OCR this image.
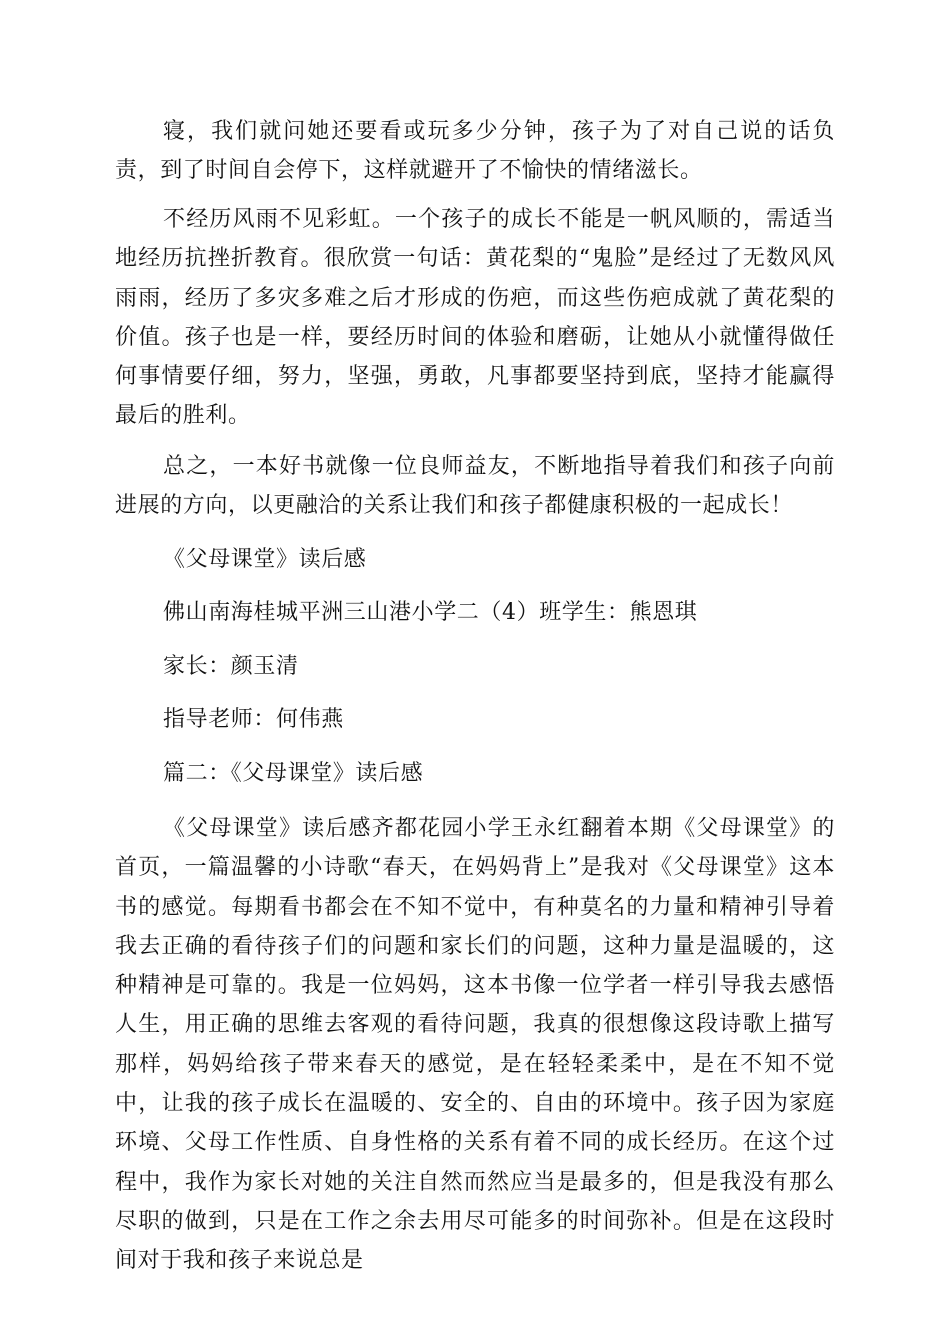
寝，我们就问她还要看或玩多少分钟，孩子为了对自己说的话负责，到了时间自会停下，这样就避开了不愉快的情绪滋长。

不经历风雨不见彩虹。一个孩子的成长不能是一帆风顺的，需适当地经历抗挫折教育。很欣赏一句话：黄花梨的“鬼脸”是经过了无数风风雨雨，经历了多灾多难之后才形成的伤疤，而这些伤疤成就了黄花梨的价值。孩子也是一样，要经历时间的体验和磨砺，让她从小就懂得做任何事情要仔细，努力，坚强，勇敢，凡事都要坚持到底，坚持才能赢得最后的胜利。

总之，一本好书就像一位良师益友，不断地指导着我们和孩子向前进展的方向，以更融洽的关系让我们和孩子都健康积极的一起成长！

《父母课堂》读后感

佛山南海桂城平洲三山港小学二（4）班学生：熊恩琪

家长：颜玉清

指导老师：何伟燕

篇二：《父母课堂》读后感

《父母课堂》读后感齐都花园小学王永红翻着本期《父母课堂》的首页，一篇温馨的小诗歌“春天，在妈妈背上”是我对《父母课堂》这本书的感觉。每期看书都会在不知不觉中，有种莫名的力量和精神引导着我去正确的看待孩子们的问题和家长们的问题，这种力量是温暖的，这种精神是可靠的。我是一位妈妈，这本书像一位学者一样引导我去感悟人生，用正确的思维去客观的看待问题，我真的很想像这段诗歌上描写那样，妈妈给孩子带来春天的感觉，是在轻轻柔柔中，是在不知不觉中，让我的孩子成长在温暖的、安全的、自由的环境中。孩子因为家庭环境、父母工作性质、自身性格的关系有着不同的成长经历。在这个过程中，我作为家长对她的关注自然而然应当是最多的，但是我没有那么尽职的做到，只是在工作之余去用尽可能多的时间弥补。但是在这段时间对于我和孩子来说总是
